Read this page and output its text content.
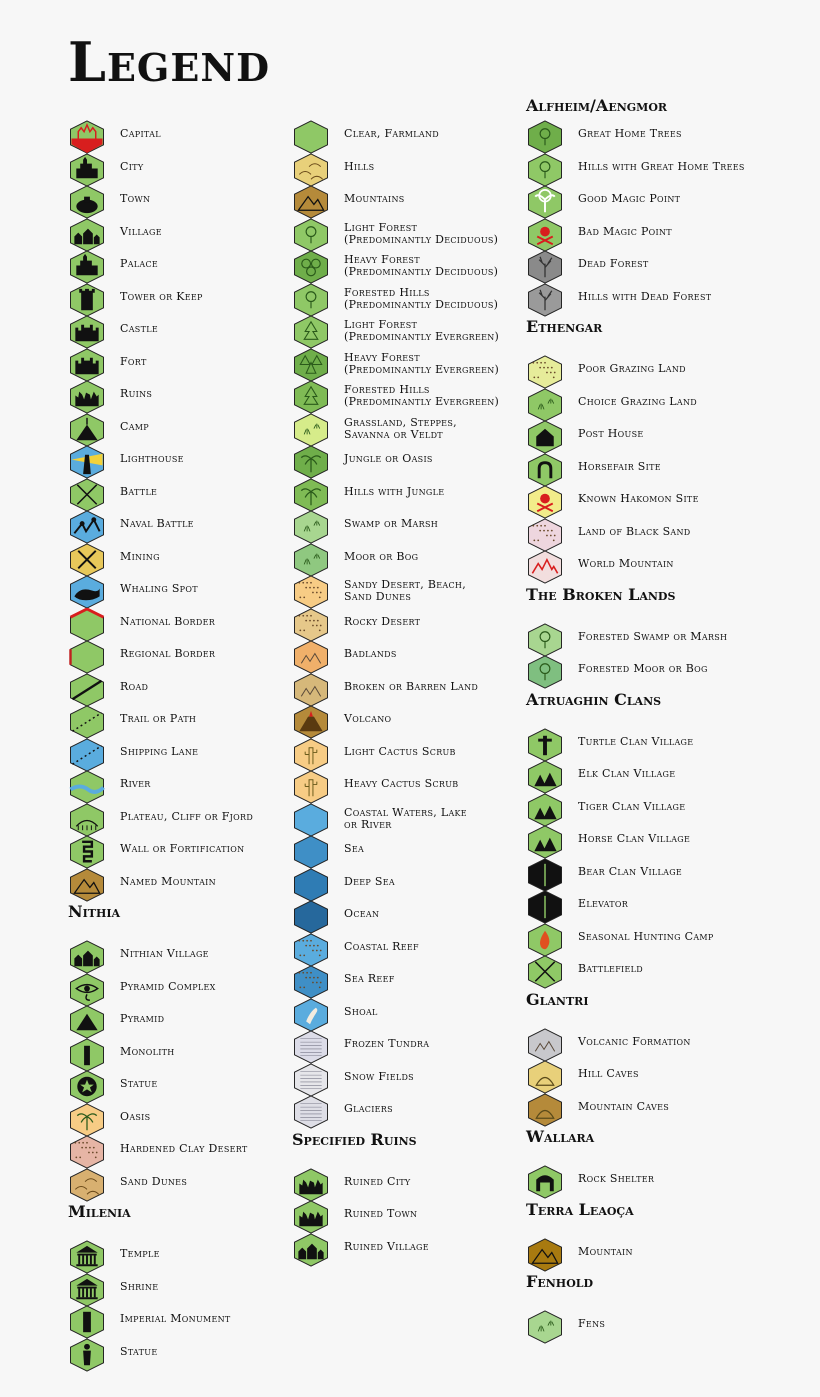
Legend
Capital
City
Town
Village
Palace
Tower or Keep
Castle
Fort
Ruins
Camp
Lighthouse
Battle
Naval Battle
Mining
Whaling Spot
National Border
Regional Border
Road
Trail or Path
Shipping Lane
River
Plateau, Cliff or Fjord
Wall or Fortification
Named Mountain
Nithia
Nithian Village
Pyramid Complex
Pyramid
Monolith
Statue
Oasis
Hardened Clay Desert
Sand Dunes
Milenia
Temple
Shrine
Imperial Monument
Statue
Clear, Farmland
Hills
Mountains
Light Forest
(Predominantly Deciduous)
Heavy Forest
(Predominantly Deciduous)
Forested Hills
(Predominantly Deciduous)
Light Forest
(Predominantly Evergreen)
Heavy Forest
(Predominantly Evergreen)
Forested Hills
(Predominantly Evergreen)
Grassland, Steppes,
Savanna or Veldt
Jungle or Oasis
Hills with Jungle
Swamp or Marsh
Moor or Bog
Sandy Desert, Beach,
Sand Dunes
Rocky Desert
Badlands
Broken or Barren Land
Volcano
Light Cactus Scrub
Heavy Cactus Scrub
Coastal Waters, Lake
or River
Sea
Deep Sea
Ocean
Coastal Reef
Sea Reef
Shoal
Frozen Tundra
Snow Fields
Glaciers
Specified Ruins
Ruined City
Ruined Town
Ruined Village
Alfheim/Aengmor
Great Home Trees
Hills with Great Home Trees
Good Magic Point
Bad Magic Point
Dead Forest
Hills with Dead Forest
Ethengar
Poor Grazing Land
Choice Grazing Land
Post House
Horsefair Site
Known Hakomon Site
Land of Black Sand
World Mountain
The Broken Lands
Forested Swamp or Marsh
Forested Moor or Bog
Atruaghin Clans
Turtle Clan Village
Elk Clan Village
Tiger Clan Village
Horse Clan Village
Bear Clan Village
Elevator
Seasonal Hunting Camp
Battlefield
Glantri
Volcanic Formation
Hill Caves
Mountain Caves
Wallara
Rock Shelter
Terra Leaoça
Mountain
Fenhold
Fens
